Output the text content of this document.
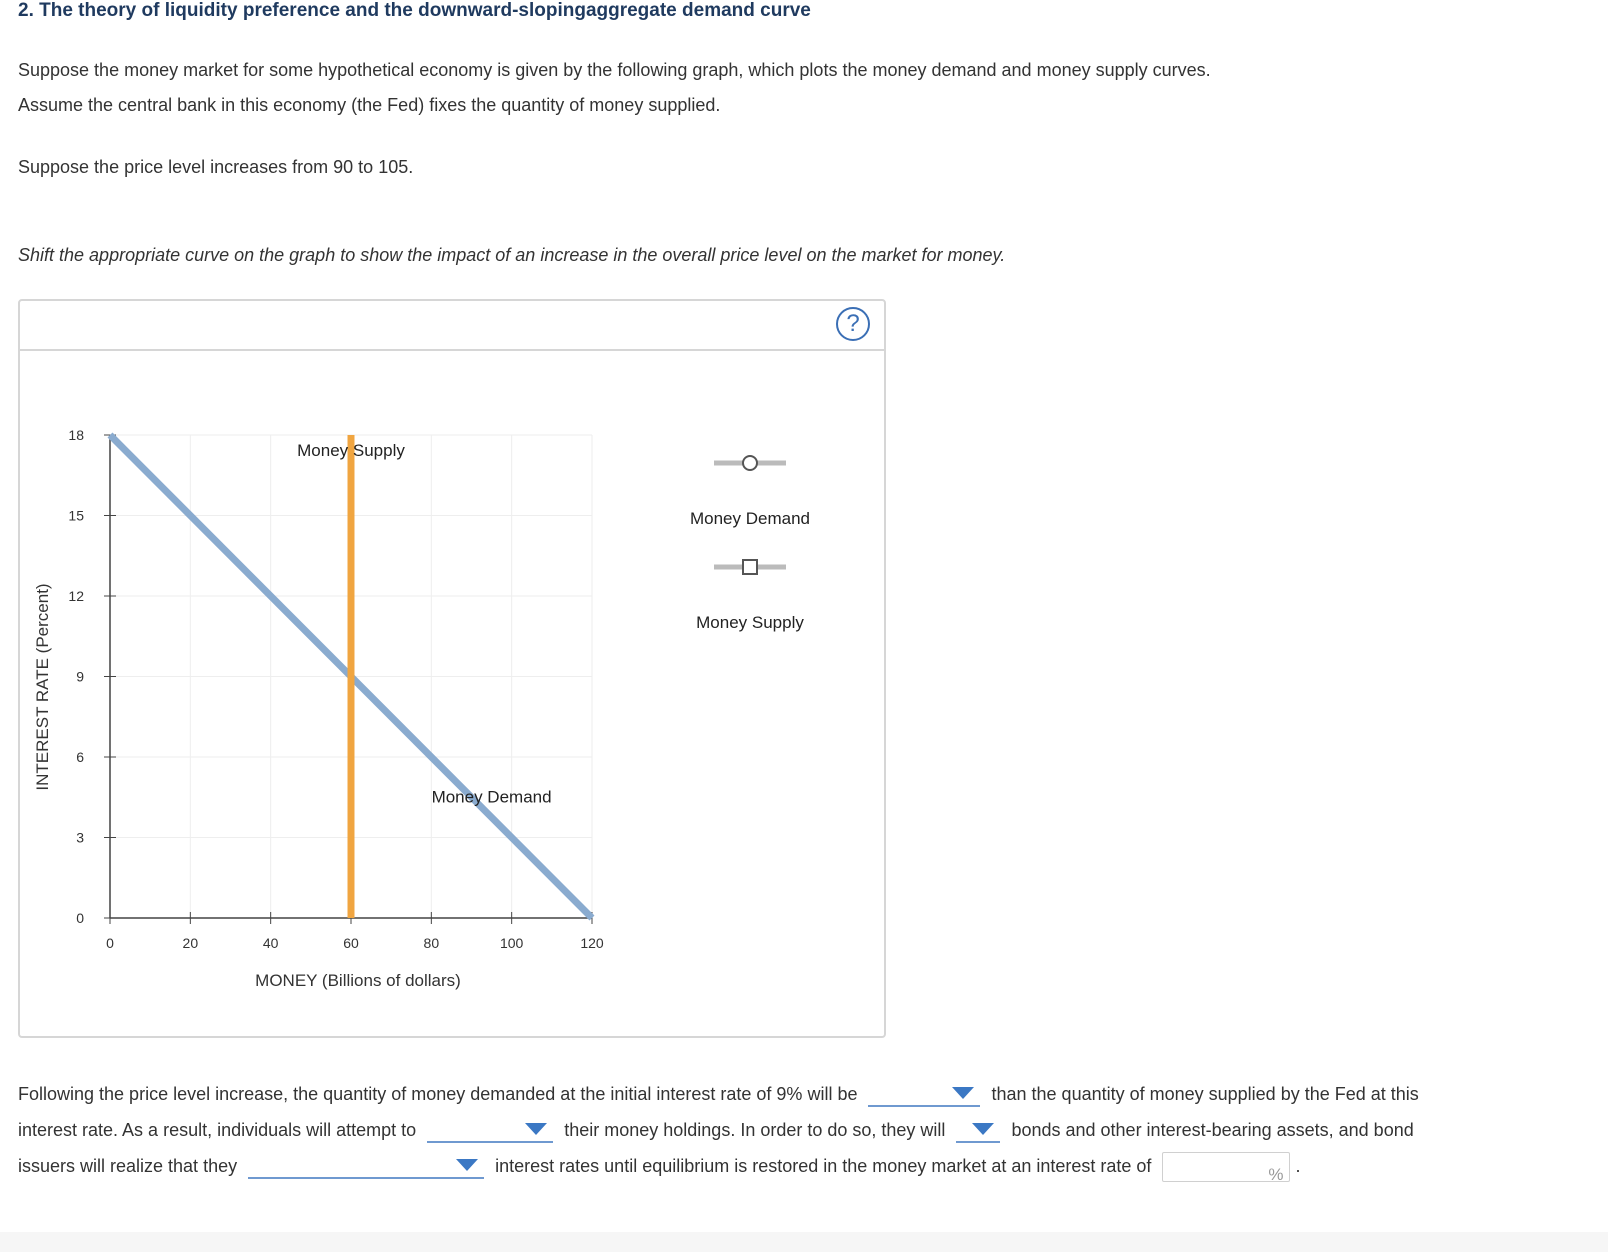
2. The theory of liquidity preference and the downward-slopingaggregate demand curve
Suppose the money market for some hypothetical economy is given by the following graph, which plots the money demand and money supply curves.
Assume the central bank in this economy (the Fed) fixes the quantity of money supplied.
Suppose the price level increases from 90 to 105.
Shift the appropriate curve on the graph to show the impact of an increase in the overall price level on the market for money.
?
0	20	40	60	80	100	120
0
3
6
9
12
15
18
INTEREST RATE (Percent)
MONEY (Billions of dollars)
Money Demand
Money Supply
Money Demand
Money Supply
Following the price level increase, the quantity of money demanded at the initial interest rate of 9% will be	than the quantity of money supplied by the Fed at this interest rate. As a result, individuals will attempt to	their money holdings. In order to do so, they will	bonds and other interest-bearing assets, and bond issuers will realize that they	interest rates until equilibrium is restored in the money market at an interest rate of	% .
